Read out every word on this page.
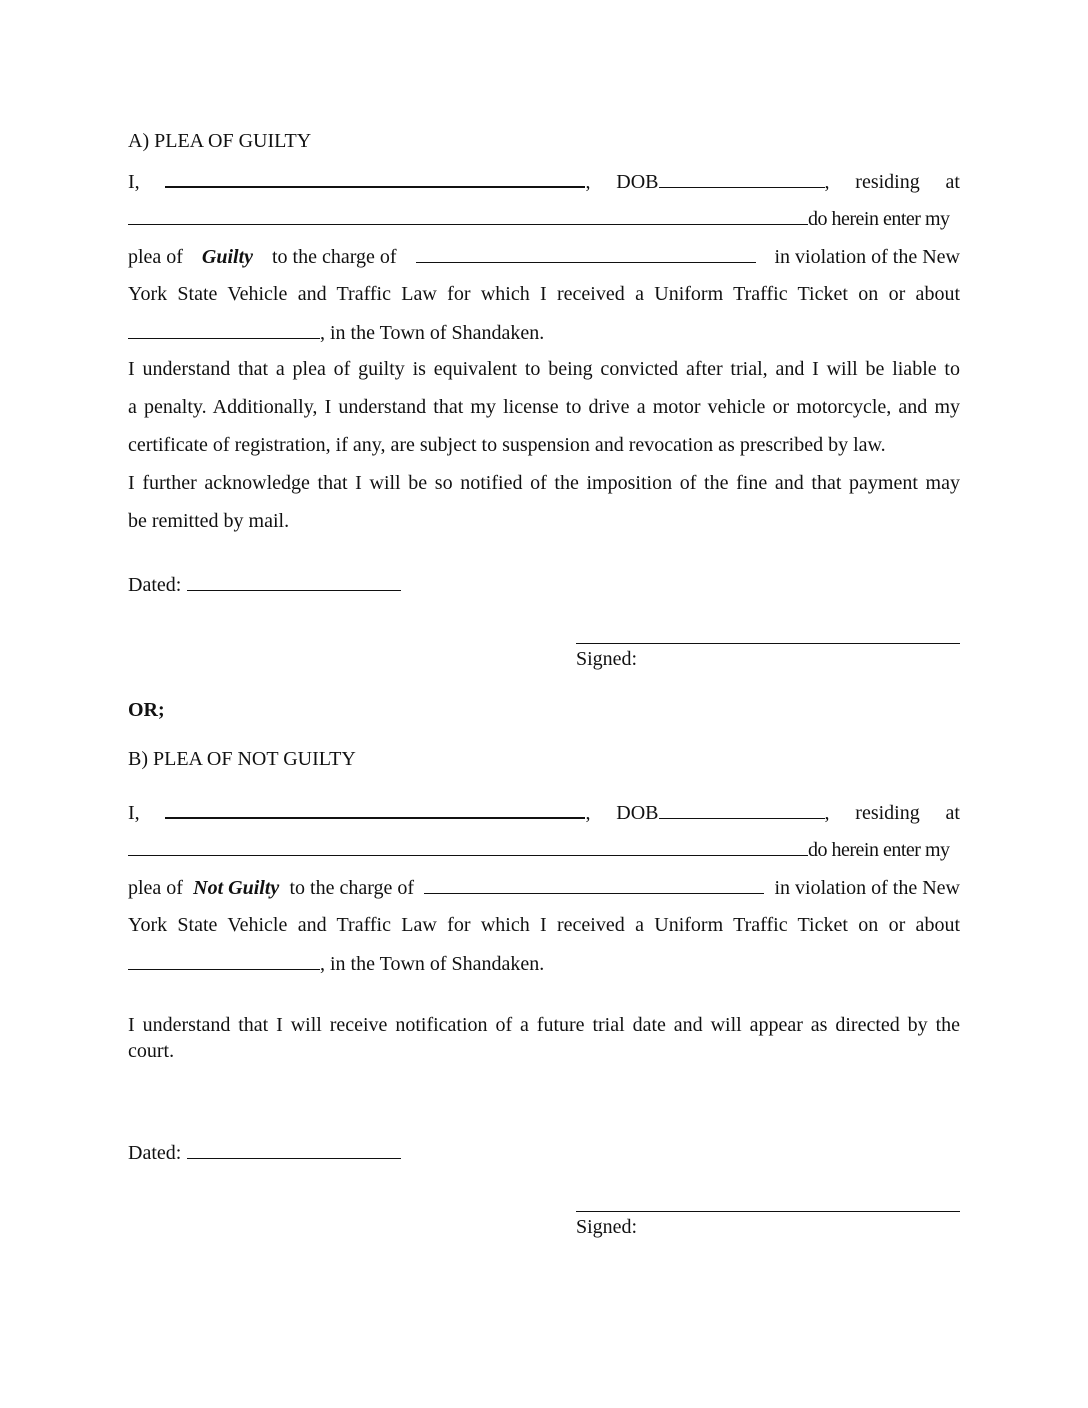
A) PLEA OF GUILTY
I,	, DOB	, residing at
do herein enter my
plea of Guilty to the charge of	in violation of the New
York State Vehicle and Traffic Law for which I received a Uniform Traffic Ticket on or about
, in the Town of Shandaken.
I understand that a plea of guilty is equivalent to being convicted after trial, and I will be liable to
a penalty. Additionally, I understand that my license to drive a motor vehicle or motorcycle, and my
certificate of registration, if any, are subject to suspension and revocation as prescribed by law.
I further acknowledge that I will be so notified of the imposition of the fine and that payment may
be remitted by mail.
Dated:
Signed:
OR;
B) PLEA OF NOT GUILTY
I,	, DOB	, residing at
do herein enter my
plea of Not Guilty to the charge of	in violation of the New
York State Vehicle and Traffic Law for which I received a Uniform Traffic Ticket on or about
, in the Town of Shandaken.
I understand that I will receive notification of a future trial date and will appear as directed by the
court.
Dated:
Signed:
